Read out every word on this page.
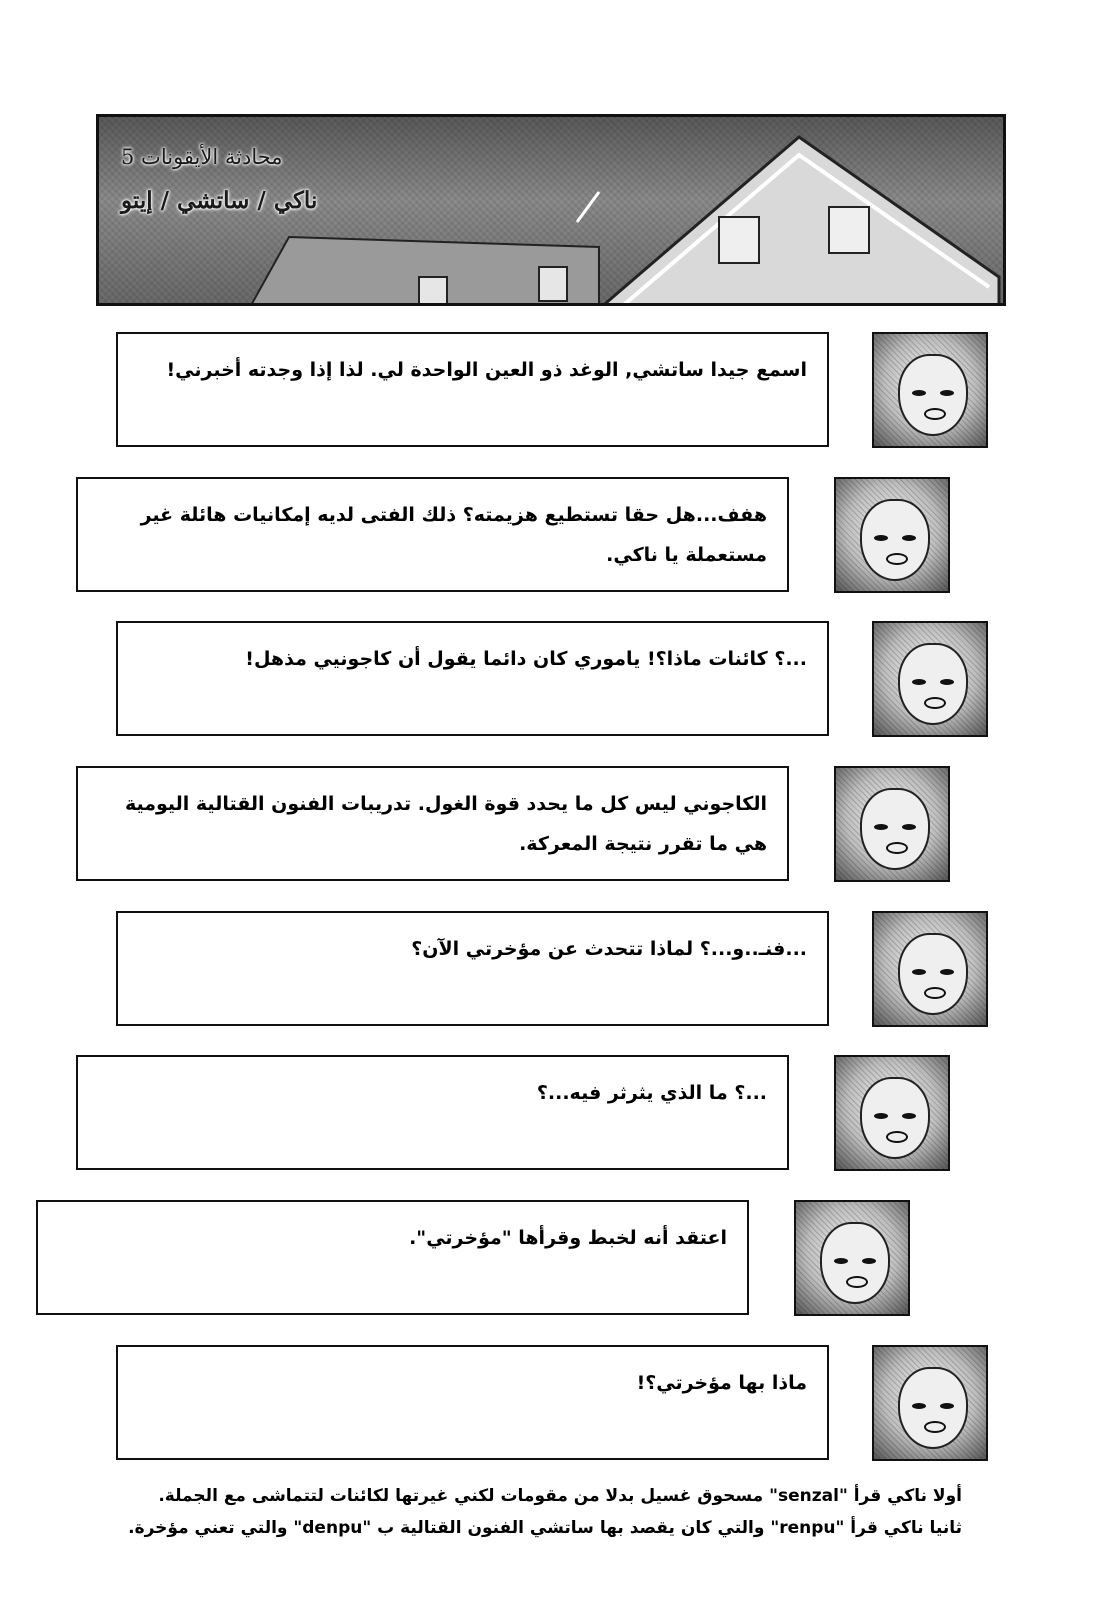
محادثة الأيقونات 5
ناكي / ساتشي / إيتو
اسمع جيدا ساتشي, الوغد ذو العين الواحدة لي. لذا إذا وجدته أخبرني!
هفف...هل حقا تستطيع هزيمته؟ ذلك الفتى لديه إمكانيات هائلة غير مستعملة يا ناكي.
...؟ كائنات ماذا؟! ياموري كان دائما يقول أن كاجونيي مذهل!
الكاجوني ليس كل ما يحدد قوة الغول. تدريبات الفنون القتالية اليومية هي ما تقرر نتيجة المعركة.
...فنـ..و...؟ لماذا تتحدث عن مؤخرتي الآن؟
...؟ ما الذي يثرثر فيه...؟
اعتقد أنه لخبط وقرأها "مؤخرتي".
ماذا بها مؤخرتي؟!
أولا ناكي قرأ "senzal" مسحوق غسيل بدلا من مقومات لكني غيرتها لكائنات لتتماشى مع الجملة.
ثانيا ناكي قرأ "renpu" والتي كان يقصد بها ساتشي الفنون القتالية ب "denpu" والتي تعني مؤخرة.
